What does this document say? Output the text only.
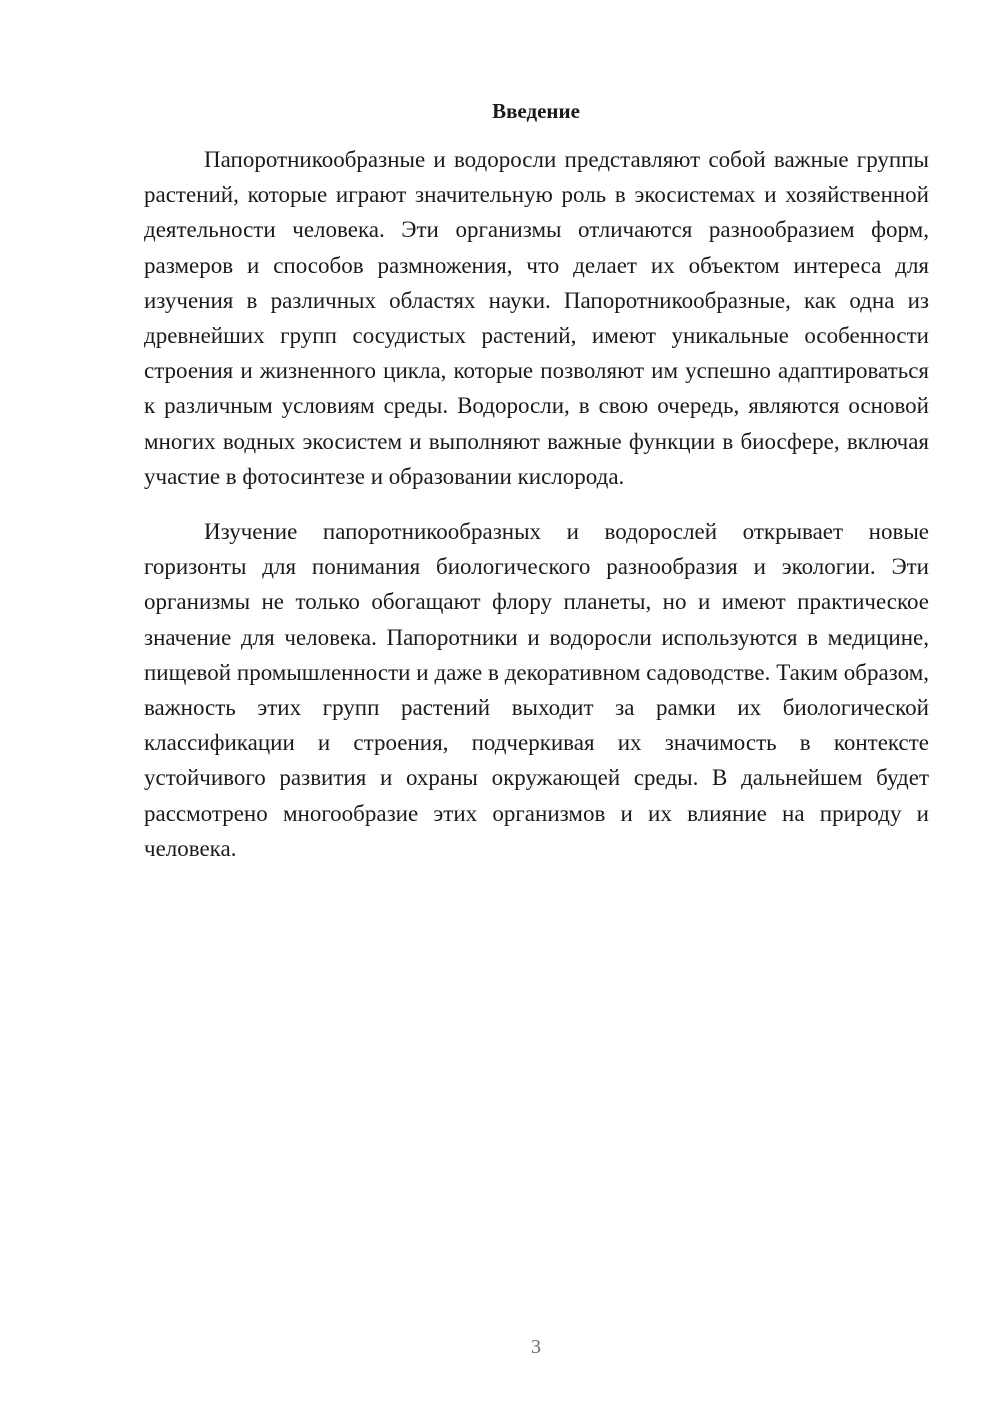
Введение

Папоротникообразные и водоросли представляют собой важные группы растений, которые играют значительную роль в экосистемах и хозяйственной деятельности человека. Эти организмы отличаются разнообразием форм, размеров и способов размножения, что делает их объектом интереса для изучения в различных областях науки. Папоротникообразные, как одна из древнейших групп сосудистых растений, имеют уникальные особенности строения и жизненного цикла, которые позволяют им успешно адаптироваться к различным условиям среды. Водоросли, в свою очередь, являются основой многих водных экосистем и выполняют важные функции в биосфере, включая участие в фотосинтезе и образовании кислорода.

Изучение папоротникообразных и водорослей открывает новые горизонты для понимания биологического разнообразия и экологии. Эти организмы не только обогащают флору планеты, но и имеют практическое значение для человека. Папоротники и водоросли используются в медицине, пищевой промышленности и даже в декоративном садоводстве. Таким образом, важность этих групп растений выходит за рамки их биологической классификации и строения, подчеркивая их значимость в контексте устойчивого развития и охраны окружающей среды. В дальнейшем будет рассмотрено многообразие этих организмов и их влияние на природу и человека.

3
